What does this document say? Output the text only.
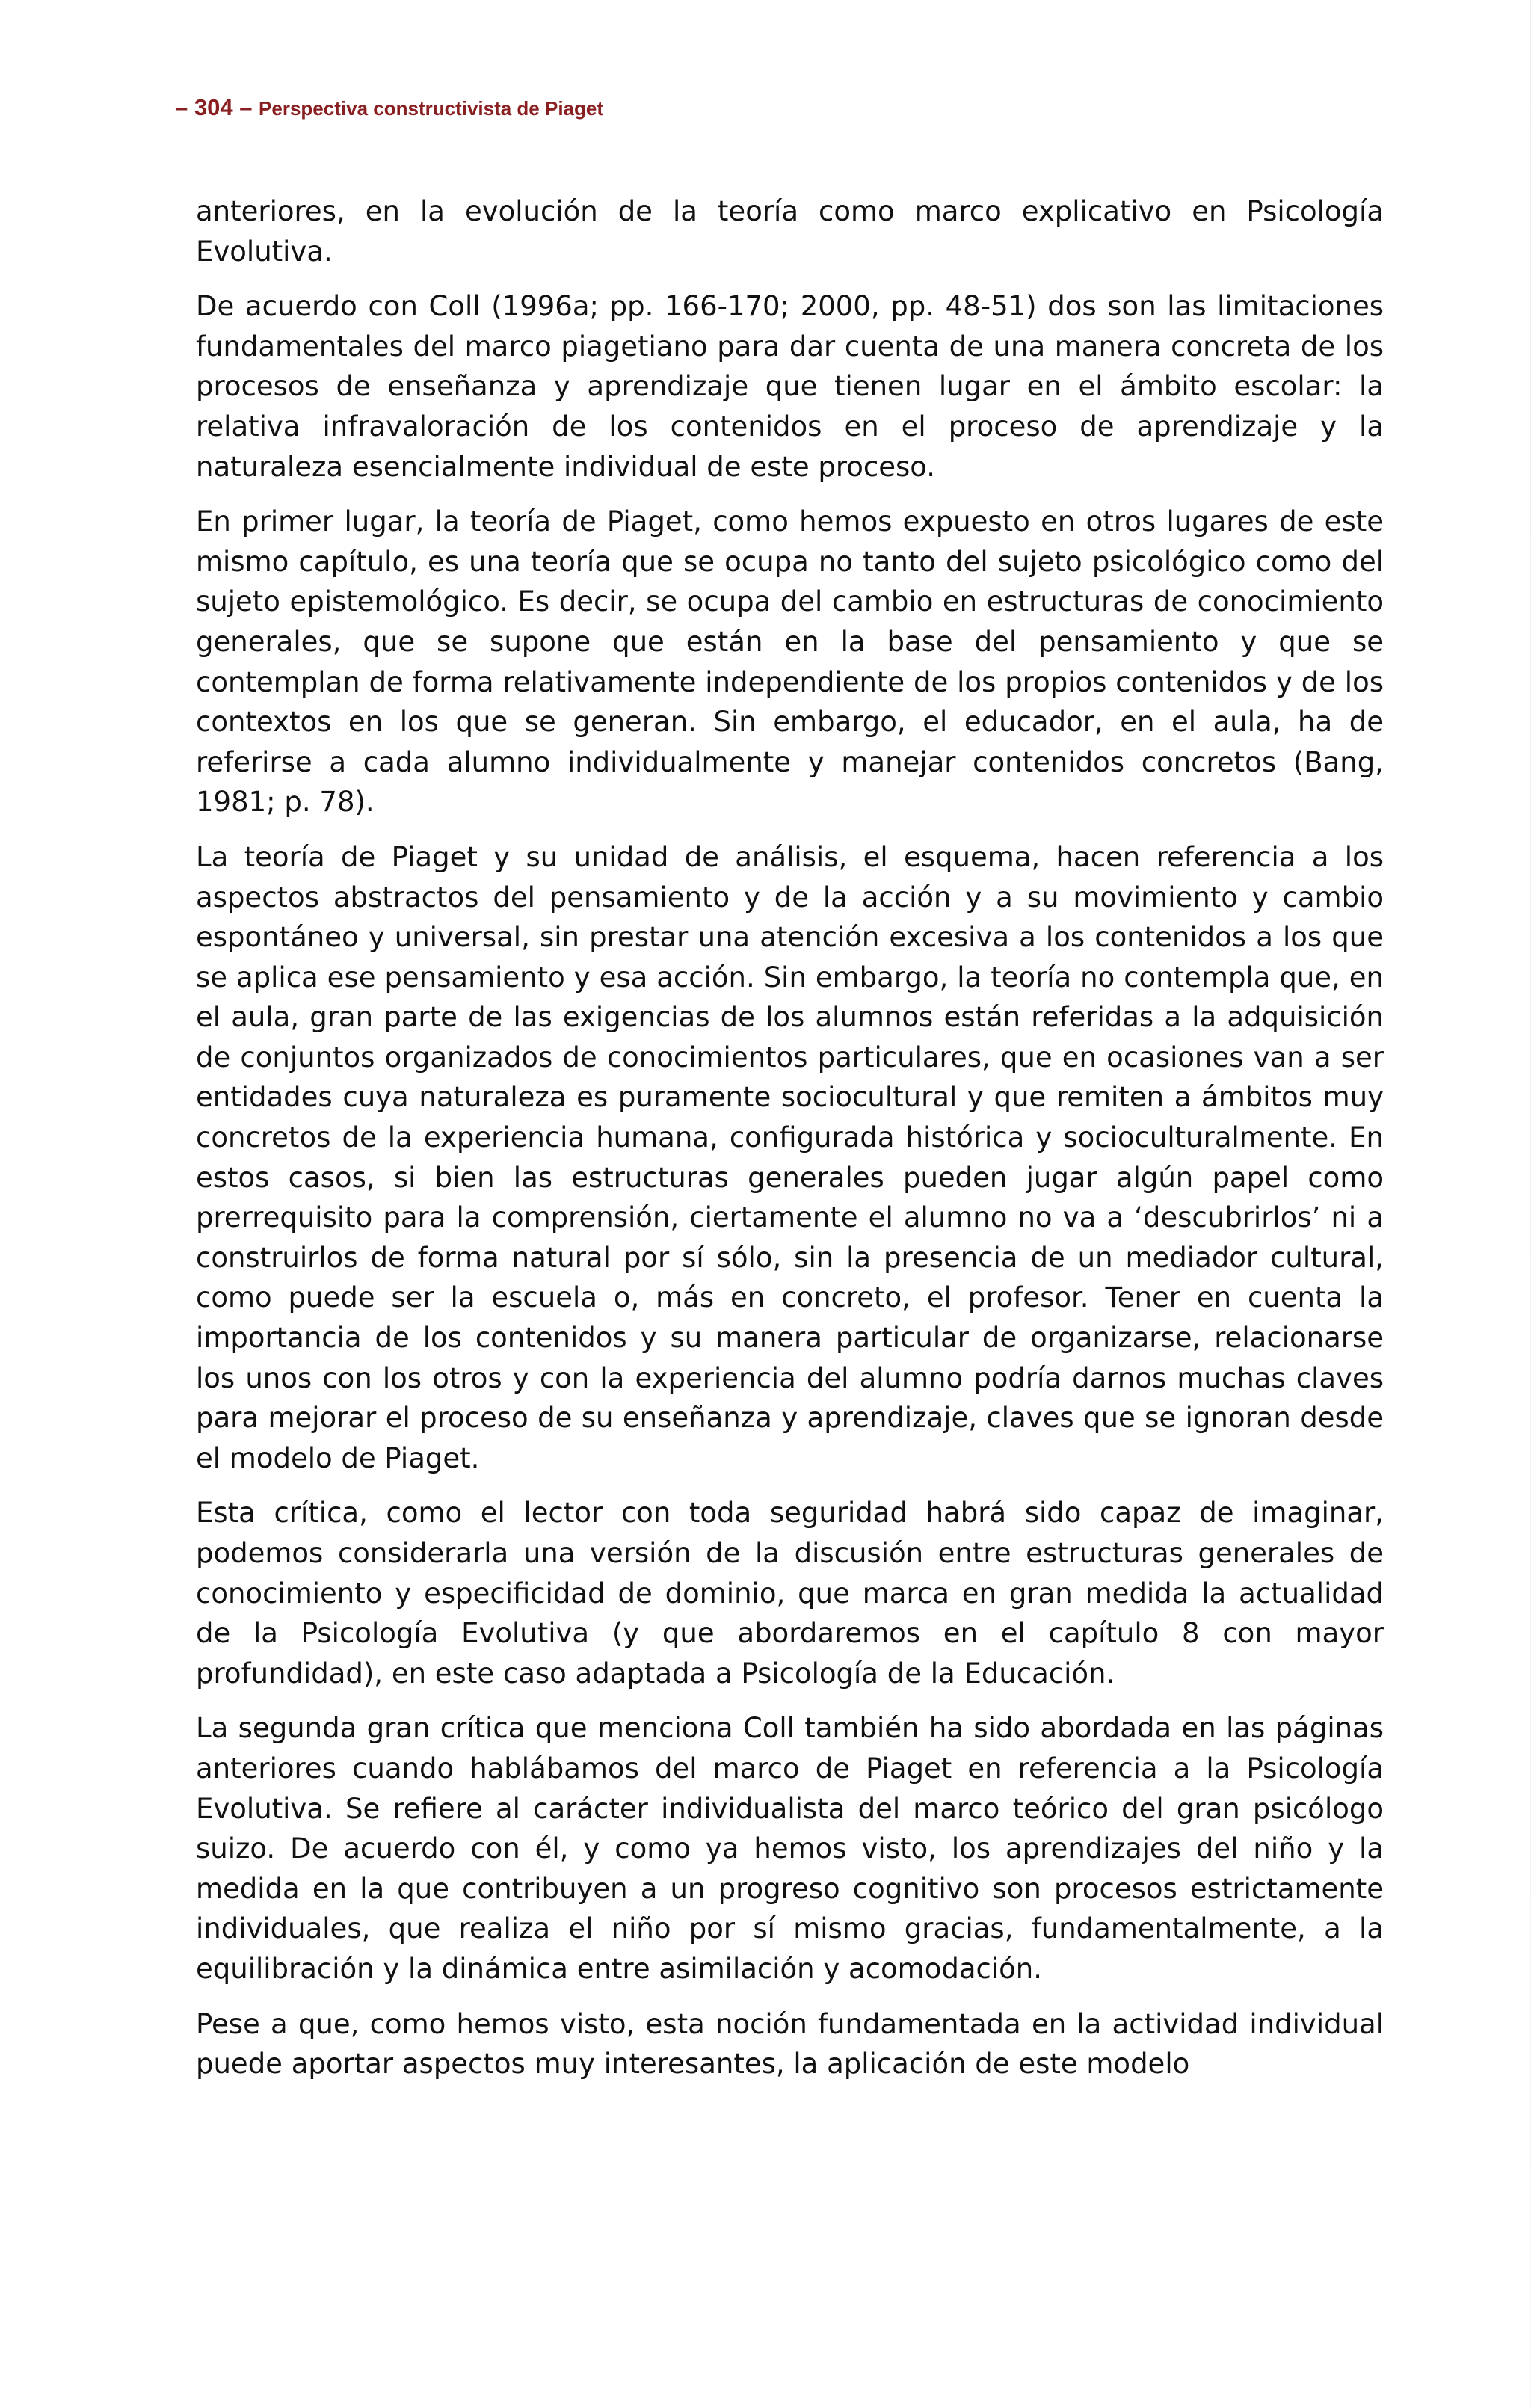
– 304 – Perspectiva constructivista de Piaget

anteriores, en la evolución de la teoría como marco explicativo en Psicología Evolutiva.

De acuerdo con Coll (1996a; pp. 166-170; 2000, pp. 48-51) dos son las limitaciones fundamentales del marco piagetiano para dar cuenta de una manera concreta de los procesos de enseñanza y aprendizaje que tienen lugar en el ámbito escolar: la relativa infravaloración de los contenidos en el proceso de aprendizaje y la naturaleza esencialmente individual de este proceso.

En primer lugar, la teoría de Piaget, como hemos expuesto en otros lugares de este mismo capítulo, es una teoría que se ocupa no tanto del sujeto psicológico como del sujeto epistemológico. Es decir, se ocupa del cambio en estructuras de conocimiento generales, que se supone que están en la base del pensamiento y que se contemplan de forma relativamente independiente de los propios contenidos y de los contextos en los que se generan. Sin embargo, el educador, en el aula, ha de referirse a cada alumno individualmente y manejar contenidos concretos (Bang, 1981; p. 78).

La teoría de Piaget y su unidad de análisis, el esquema, hacen referencia a los aspectos abstractos del pensamiento y de la acción y a su movimiento y cambio espontáneo y universal, sin prestar una atención excesiva a los contenidos a los que se aplica ese pensamiento y esa acción. Sin embargo, la teoría no contempla que, en el aula, gran parte de las exigencias de los alumnos están referidas a la adquisición de conjuntos organizados de conocimientos particulares, que en ocasiones van a ser entidades cuya naturaleza es puramente sociocultural y que remiten a ámbitos muy concretos de la experiencia humana, configurada histórica y socioculturalmente. En estos casos, si bien las estructuras generales pueden jugar algún papel como prerrequisito para la comprensión, ciertamente el alumno no va a ‘descubrirlos’ ni a construirlos de forma natural por sí sólo, sin la presencia de un mediador cultural, como puede ser la escuela o, más en concreto, el profesor. Tener en cuenta la importancia de los contenidos y su manera particular de organizarse, relacionarse los unos con los otros y con la experiencia del alumno podría darnos muchas claves para mejorar el proceso de su enseñanza y aprendizaje, claves que se ignoran desde el modelo de Piaget.

Esta crítica, como el lector con toda seguridad habrá sido capaz de imaginar, podemos considerarla una versión de la discusión entre estructuras generales de conocimiento y especificidad de dominio, que marca en gran medida la actualidad de la Psicología Evolutiva (y que abordaremos en el capítulo 8 con mayor profundidad), en este caso adaptada a Psicología de la Educación.

La segunda gran crítica que menciona Coll también ha sido abordada en las páginas anteriores cuando hablábamos del marco de Piaget en referencia a la Psicología Evolutiva. Se refiere al carácter individualista del marco teórico del gran psicólogo suizo. De acuerdo con él, y como ya hemos visto, los aprendizajes del niño y la medida en la que contribuyen a un progreso cognitivo son procesos estrictamente individuales, que realiza el niño por sí mismo gracias, fundamentalmente, a la equilibración y la dinámica entre asimilación y acomodación.

Pese a que, como hemos visto, esta noción fundamentada en la actividad individual puede aportar aspectos muy interesantes, la aplicación de este modelo
